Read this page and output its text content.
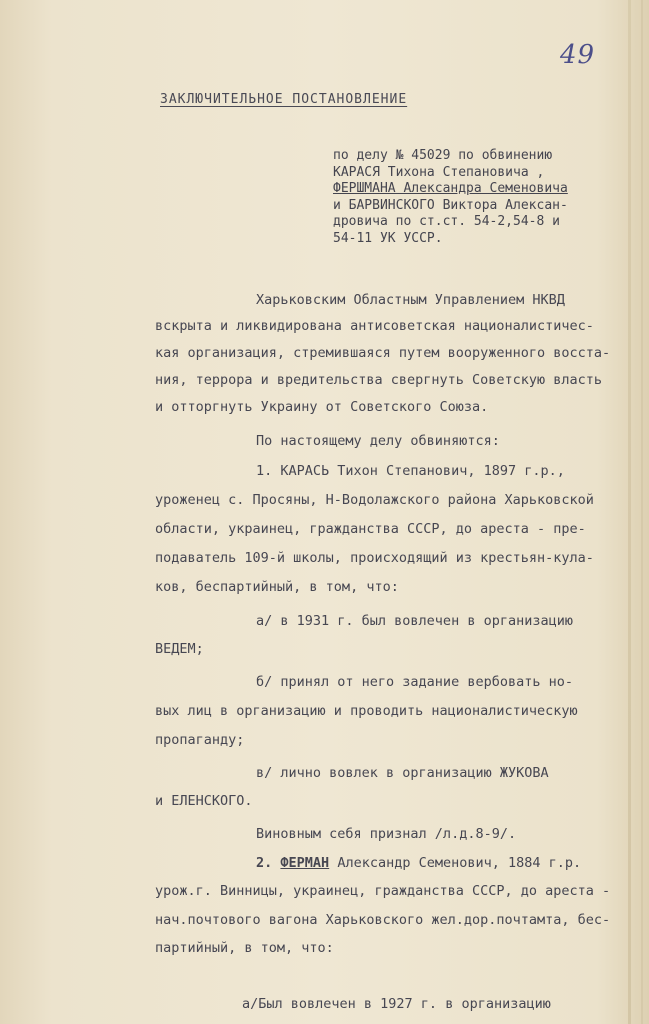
49
ЗАКЛЮЧИТЕЛЬНОЕ ПОСТАНОВЛЕНИЕ
по делу № 45029 по обвинению
КАРАСЯ Тихона Степановича ,
ФЕРШМАНА Александра Семеновича
и БАРВИНСКОГО Виктора Алексан-
дровича по ст.ст. 54-2,54-8 и
54-11 УК УССР.
Харьковским Областным Управлением НКВД
вскрыта и ликвидирована антисоветская националистичес-
кая организация, стремившаяся путем вооруженного восста-
ния, террора и вредительства свергнуть Советскую власть
и отторгнуть Украину от Советского Союза.
По настоящему делу обвиняются:
1. КАРАСЬ Тихон Степанович, 1897 г.р.,
уроженец с. Просяны, Н-Водолажского района Харьковской
области, украинец, гражданства СССР, до ареста - пре-
подаватель 109-й школы, происходящий из крестьян-кула-
ков, беспартийный, в том, что:
а/ в 1931 г. был вовлечен в организацию
ВЕДЕМ;
б/ принял от него задание вербовать но-
вых лиц в организацию и проводить националистическую
пропаганду;
в/ лично вовлек в организацию ЖУКОВА
и ЕЛЕНСКОГО.
Виновным себя признал /л.д.8-9/.
2. ФЕРМАН Александр Семенович, 1884 г.р.
урож.г. Винницы, украинец, гражданства СССР, до ареста -
нач.почтового вагона Харьковского жел.дор.почтамта, бес-
партийный, в том, что:
а/Был вовлечен в 1927 г. в организацию
